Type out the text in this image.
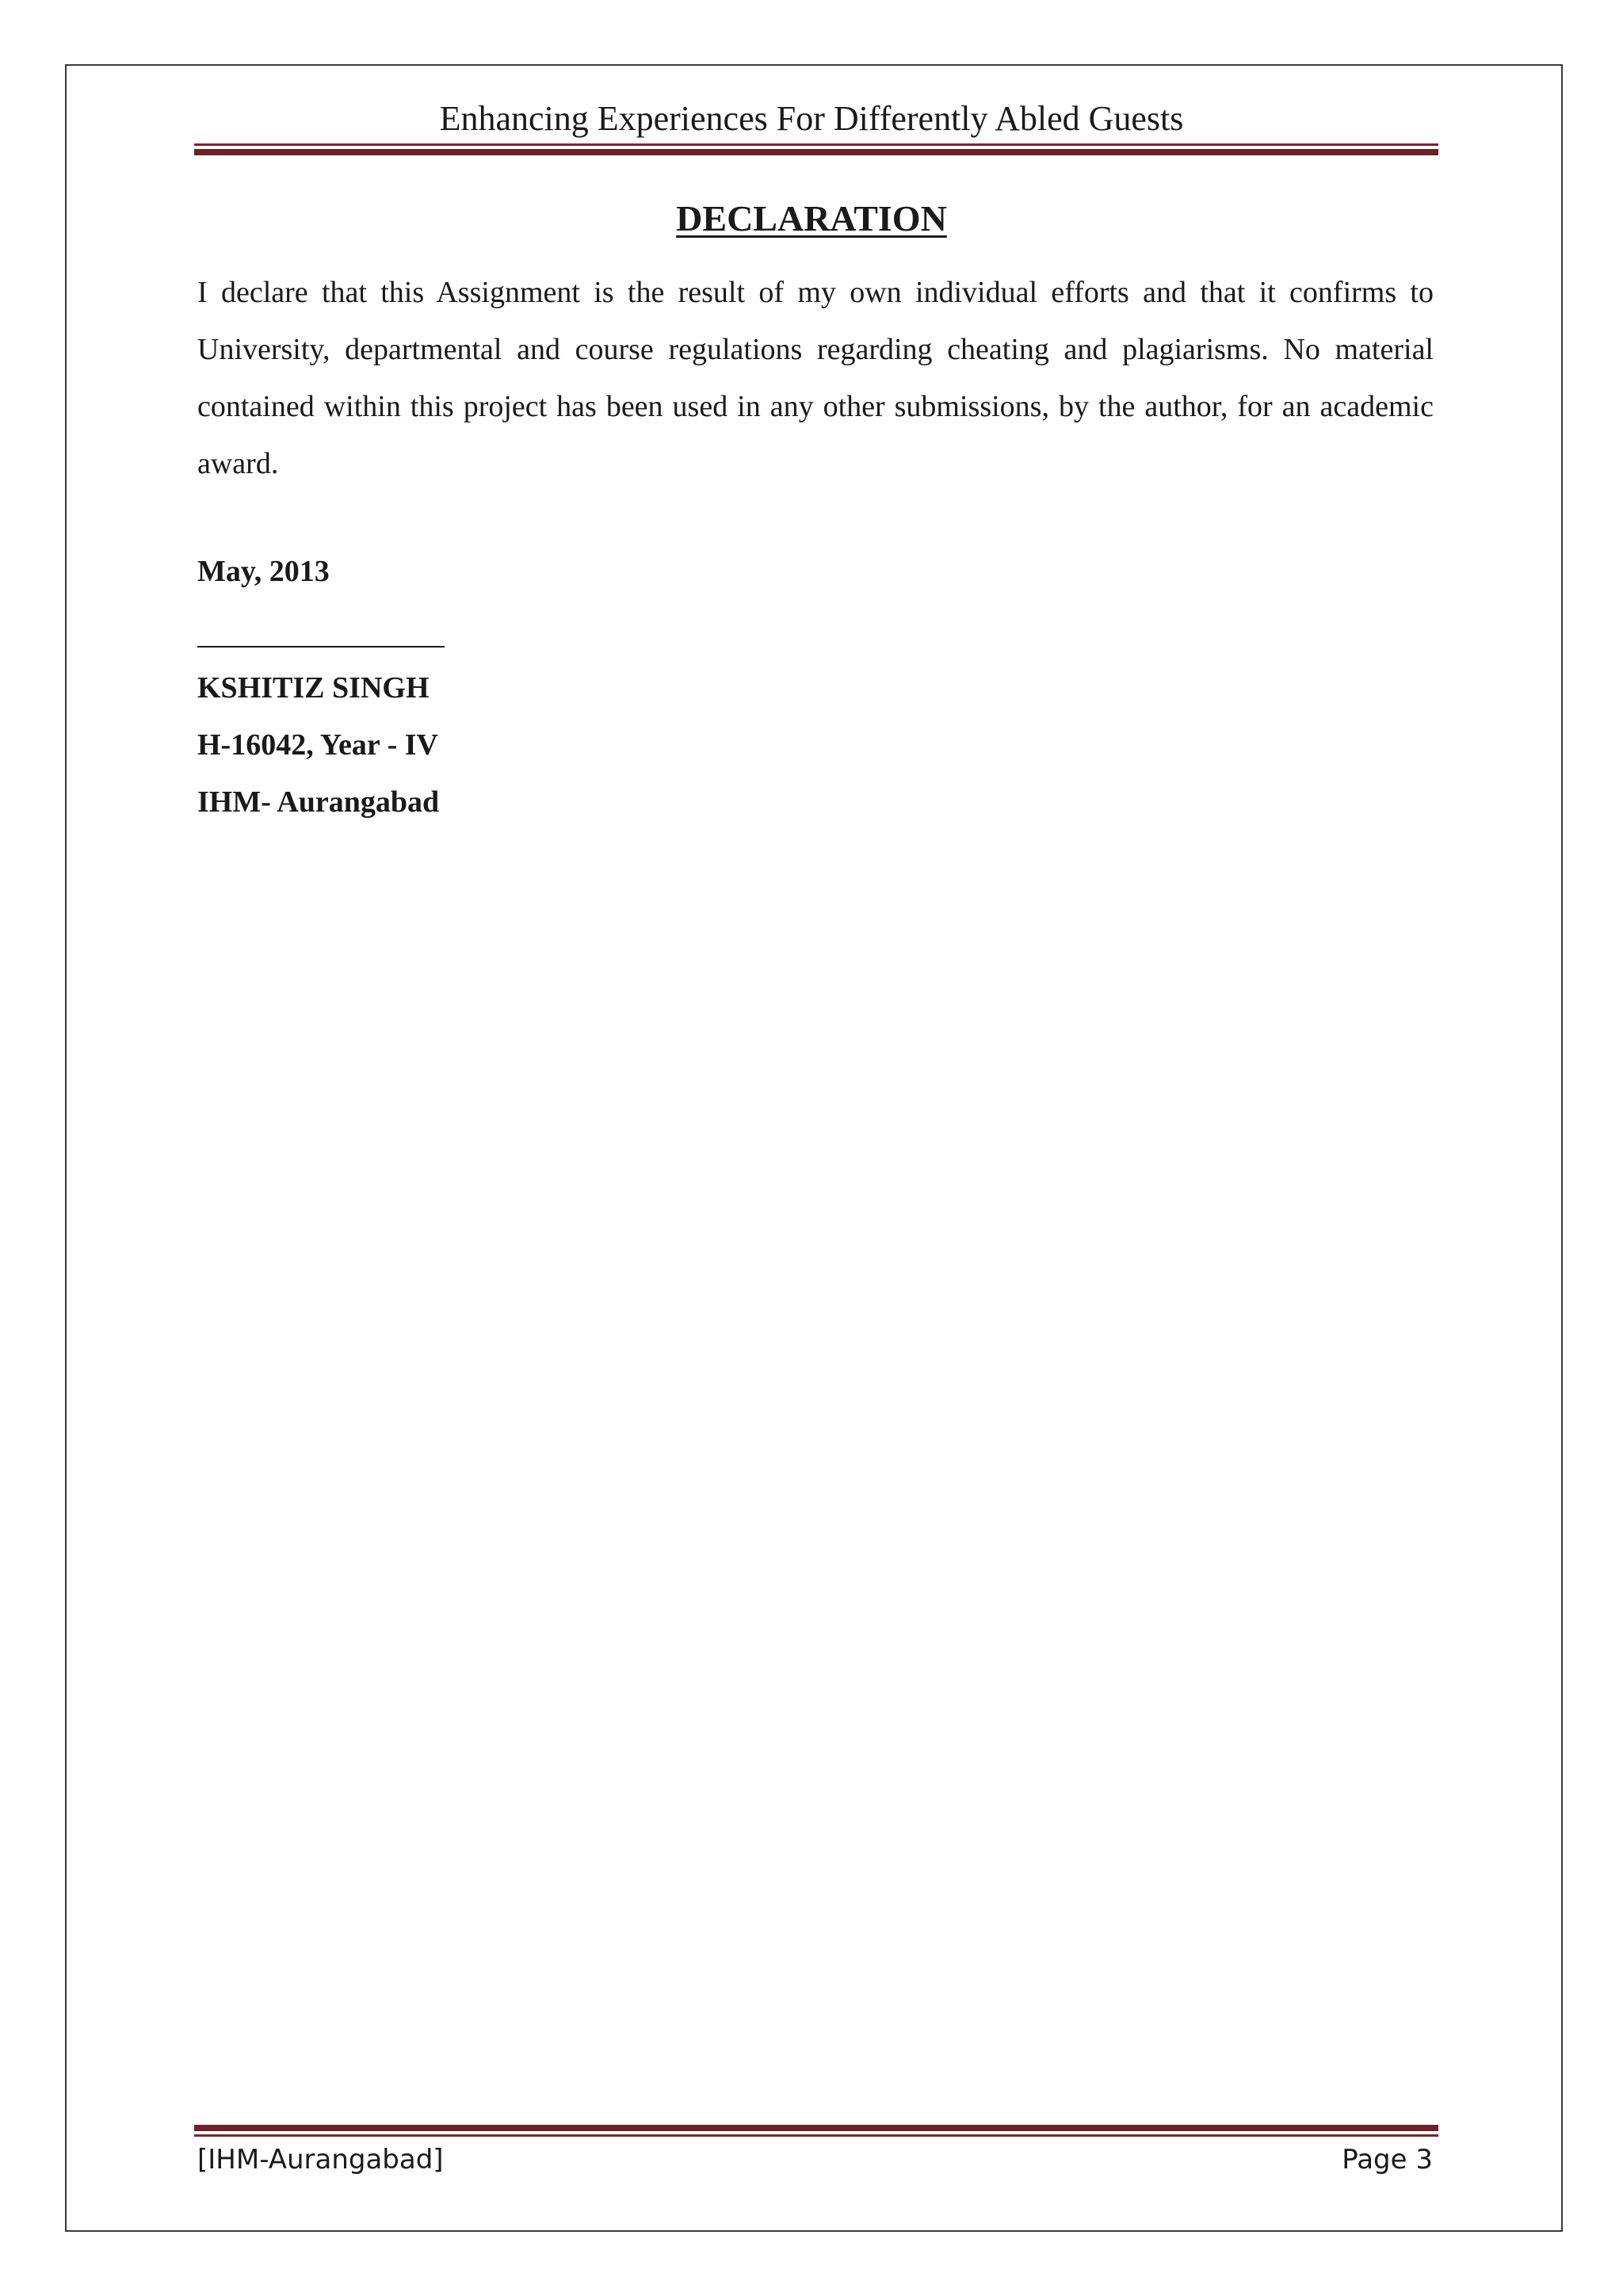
Enhancing Experiences For Differently Abled Guests
DECLARATION
I declare that this Assignment is the result of my own individual efforts and that it confirms to University, departmental and course regulations regarding cheating and plagiarisms. No material contained within this project has been used in any other submissions, by the author, for an academic award.
May, 2013
KSHITIZ SINGH
H-16042, Year - IV
IHM- Aurangabad
[IHM-Aurangabad]	Page 3
